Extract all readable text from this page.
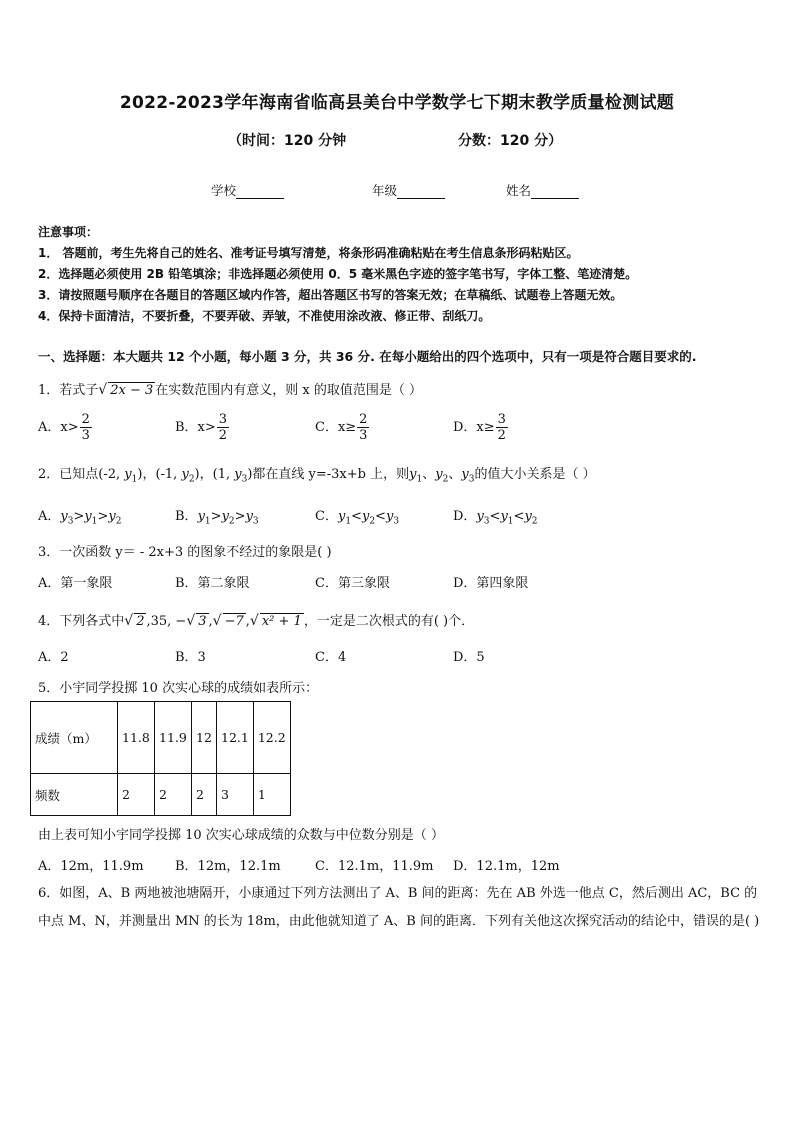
2022-2023学年海南省临高县美台中学数学七下期末教学质量检测试题
（时间：120 分钟	分数：120 分）
学校	年级	姓名
注意事项：
1． 答题前，考生先将自己的姓名、准考证号填写清楚，将条形码准确粘贴在考生信息条形码粘贴区。
2．选择题必须使用 2B 铅笔填涂；非选择题必须使用 0．5 毫米黑色字迹的签字笔书写，字体工整、笔迹清楚。
3．请按照题号顺序在各题目的答题区域内作答，超出答题区书写的答案无效；在草稿纸、试题卷上答题无效。
4．保持卡面清洁，不要折叠，不要弄破、弄皱，不准使用涂改液、修正带、刮纸刀。
一、选择题：本大题共 12 个小题，每小题 3 分，共 36 分. 在每小题给出的四个选项中，只有一项是符合题目要求的.
1．若式子√ 2x − 3 在实数范围内有意义，则 x 的取值范围是（ ）
A．$x> \frac{2}{3}$	B．$x> \frac{3}{2}$	C．$x\ge \frac{2}{3}$	D．$x\ge \frac{3}{2}$
2．已知点(-2, $y_1$)，(-1, $y_2$)，(1, $y_3$)都在直线 y=-3x+b 上，则$y_1$、$y_2$、$y_3$的值大小关系是（ ）
A．$y_3>y_1>y_2$	B．$y_1>y_2>y_3$	C．$y_1<y_2<y_3$	D．$y_3<y_1<y_2$
3．一次函数 y＝ - 2x+3 的图象不经过的象限是( )
A．第一象限	B．第二象限	C．第三象限	D．第四象限
4．下列各式中√ 2 ,35, −√ 3 ,√ −7 ,√ x² + 1 ，一定是二次根式的有( )个．
A．2	B．3	C．4	D．5
5．小宇同学投掷 10 次实心球的成绩如表所示：
成绩（m）	11.8	11.9	12	12.1	12.2
频数	2	2	2	3	1
由上表可知小宇同学投掷 10 次实心球成绩的众数与中位数分别是（ ）
A．12m，11.9m B．12m，12.1m	C．12.1m，11.9m D．12.1m，12m
6．如图，A、B 两地被池塘隔开，小康通过下列方法测出了 A、B 间的距离：先在 AB 外选一他点 C，然后测出 AC，BC 的中点 M、N，并测量出 MN 的长为 18m，由此他就知道了 A、B 间的距离．下列有关他这次探究活动的结论中，错误的是( )
